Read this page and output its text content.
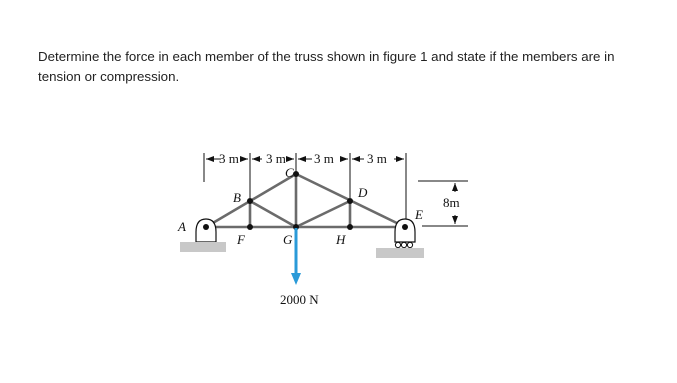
Determine the force in each member of the truss shown in figure 1 and state if the members are in
tension or compression.
3 m 3 m 3 m	3 m
8m
2000 N
A
B
C
D
E
F	G	H
